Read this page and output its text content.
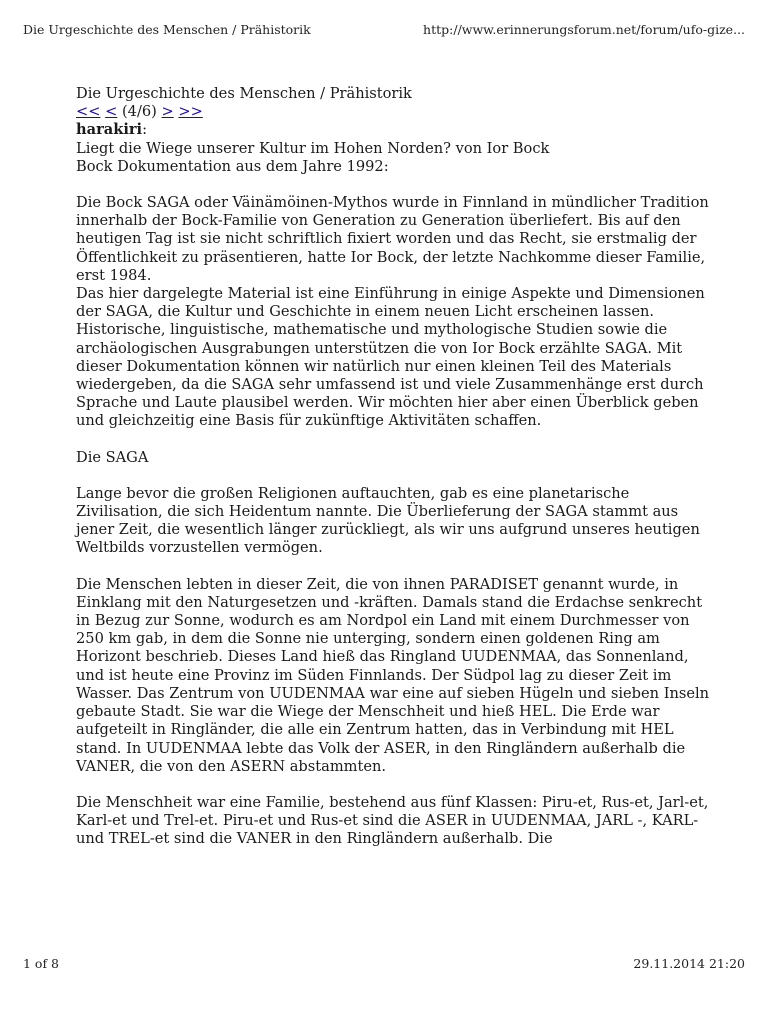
Die Urgeschichte des Menschen / Prähistorik	http://www.erinnerungsforum.net/forum/ufo-gize...

Die Urgeschichte des Menschen / Prähistorik

<< < (4/6) > >>

harakiri:

Liegt die Wiege unserer Kultur im Hohen Norden? von Ior Bock

Bock Dokumentation aus dem Jahre 1992:

Die Bock SAGA oder Väinämöinen-Mythos wurde in Finnland in mündlicher Tradition innerhalb der Bock-Familie von Generation zu Generation überliefert. Bis auf den heutigen Tag ist sie nicht schriftlich fixiert worden und das Recht, sie erstmalig der Öffentlichkeit zu präsentieren, hatte Ior Bock, der letzte Nachkomme dieser Familie, erst 1984.

Das hier dargelegte Material ist eine Einführung in einige Aspekte und Dimensionen der SAGA, die Kultur und Geschichte in einem neuen Licht erscheinen lassen. Historische, linguistische, mathematische und mythologische Studien sowie die archäologischen Ausgrabungen unterstützen die von Ior Bock erzählte SAGA. Mit dieser Dokumentation können wir natürlich nur einen kleinen Teil des Materials wiedergeben, da die SAGA sehr umfassend ist und viele Zusammenhänge erst durch Sprache und Laute plausibel werden. Wir möchten hier aber einen Überblick geben und gleichzeitig eine Basis für zukünftige Aktivitäten schaffen.

Die SAGA

Lange bevor die großen Religionen auftauchten, gab es eine planetarische Zivilisation, die sich Heidentum nannte. Die Überlieferung der SAGA stammt aus jener Zeit, die wesentlich länger zurückliegt, als wir uns aufgrund unseres heutigen Weltbilds vorzustellen vermögen.

Die Menschen lebten in dieser Zeit, die von ihnen PARADISET genannt wurde, in Einklang mit den Naturgesetzen und -kräften. Damals stand die Erdachse senkrecht in Bezug zur Sonne, wodurch es am Nordpol ein Land mit einem Durchmesser von 250 km gab, in dem die Sonne nie unterging, sondern einen goldenen Ring am Horizont beschrieb. Dieses Land hieß das Ringland UUDENMAA, das Sonnenland, und ist heute eine Provinz im Süden Finnlands. Der Südpol lag zu dieser Zeit im Wasser. Das Zentrum von UUDENMAA war eine auf sieben Hügeln und sieben Inseln gebaute Stadt. Sie war die Wiege der Menschheit und hieß HEL. Die Erde war aufgeteilt in Ringländer, die alle ein Zentrum hatten, das in Verbindung mit HEL stand. In UUDENMAA lebte das Volk der ASER, in den Ringländern außerhalb die VANER, die von den ASERN abstammten.

Die Menschheit war eine Familie, bestehend aus fünf Klassen: Piru-et, Rus-et, Jarl-et, Karl-et und Trel-et. Piru-et und Rus-et sind die ASER in UUDENMAA, JARL -, KARL- und TREL-et sind die VANER in den Ringländern außerhalb. Die

1 of 8	29.11.2014 21:20
